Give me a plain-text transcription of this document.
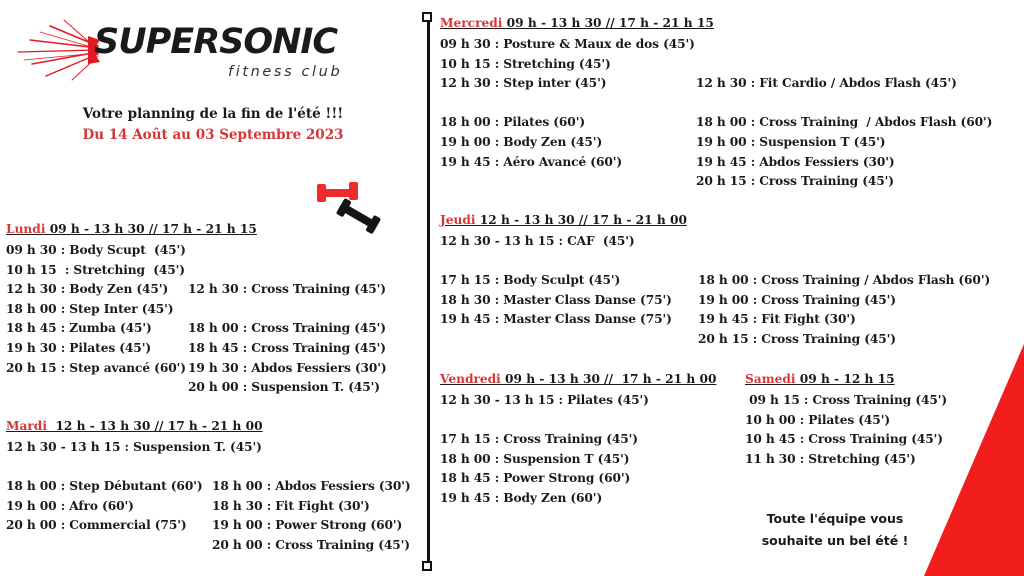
SUPERSONIC
fitness club
Votre planning de la fin de l'été !!!
Du 14 Août au 03 Septembre 2023
Lundi 09 h - 13 h 30 // 17 h - 21 h 15
09 h 30 : Body Scupt  (45')
10 h 15  : Stretching  (45')
12 h 30 : Body Zen (45')
18 h 00 : Step Inter (45')
18 h 45 : Zumba (45')
19 h 30 : Pilates (45')
20 h 15 : Step avancé (60')

12 h 30 : Cross Training (45')

18 h 00 : Cross Training (45')
18 h 45 : Cross Training (45')
19 h 30 : Abdos Fessiers (30')
20 h 00 : Suspension T. (45')
Mardi  12 h - 13 h 30 // 17 h - 21 h 00
12 h 30 - 13 h 15 : Suspension T. (45')

18 h 00 : Step Débutant (60')
19 h 00 : Afro (60')
20 h 00 : Commercial (75')

18 h 00 : Abdos Fessiers (30')
18 h 30 : Fit Fight (30')
19 h 00 : Power Strong (60')
20 h 00 : Cross Training (45')
Mercredi 09 h - 13 h 30 // 17 h - 21 h 15
09 h 30 : Posture & Maux de dos (45')
10 h 15 : Stretching (45')
12 h 30 : Step inter (45')

18 h 00 : Pilates (60')
19 h 00 : Body Zen (45')
19 h 45 : Aéro Avancé (60')

12 h 30 : Fit Cardio / Abdos Flash (45')

18 h 00 : Cross Training  / Abdos Flash (60')
19 h 00 : Suspension T (45')
19 h 45 : Abdos Fessiers (30')
20 h 15 : Cross Training (45')
Jeudi 12 h - 13 h 30 // 17 h - 21 h 00
12 h 30 - 13 h 15 : CAF  (45')

17 h 15 : Body Sculpt (45')
18 h 30 : Master Class Danse (75')
19 h 45 : Master Class Danse (75')

18 h 00 : Cross Training / Abdos Flash (60')
19 h 00 : Cross Training (45')
19 h 45 : Fit Fight (30')
20 h 15 : Cross Training (45')
Vendredi 09 h - 13 h 30 //  17 h - 21 h 00
12 h 30 - 13 h 15 : Pilates (45')

17 h 15 : Cross Training (45')
18 h 00 : Suspension T (45')
18 h 45 : Power Strong (60')
19 h 45 : Body Zen (60')
Samedi 09 h - 12 h 15
09 h 15 : Cross Training (45')
10 h 00 : Pilates (45')
10 h 45 : Cross Training (45')
11 h 30 : Stretching (45')
Toute l'équipe vous
souhaite un bel été !
